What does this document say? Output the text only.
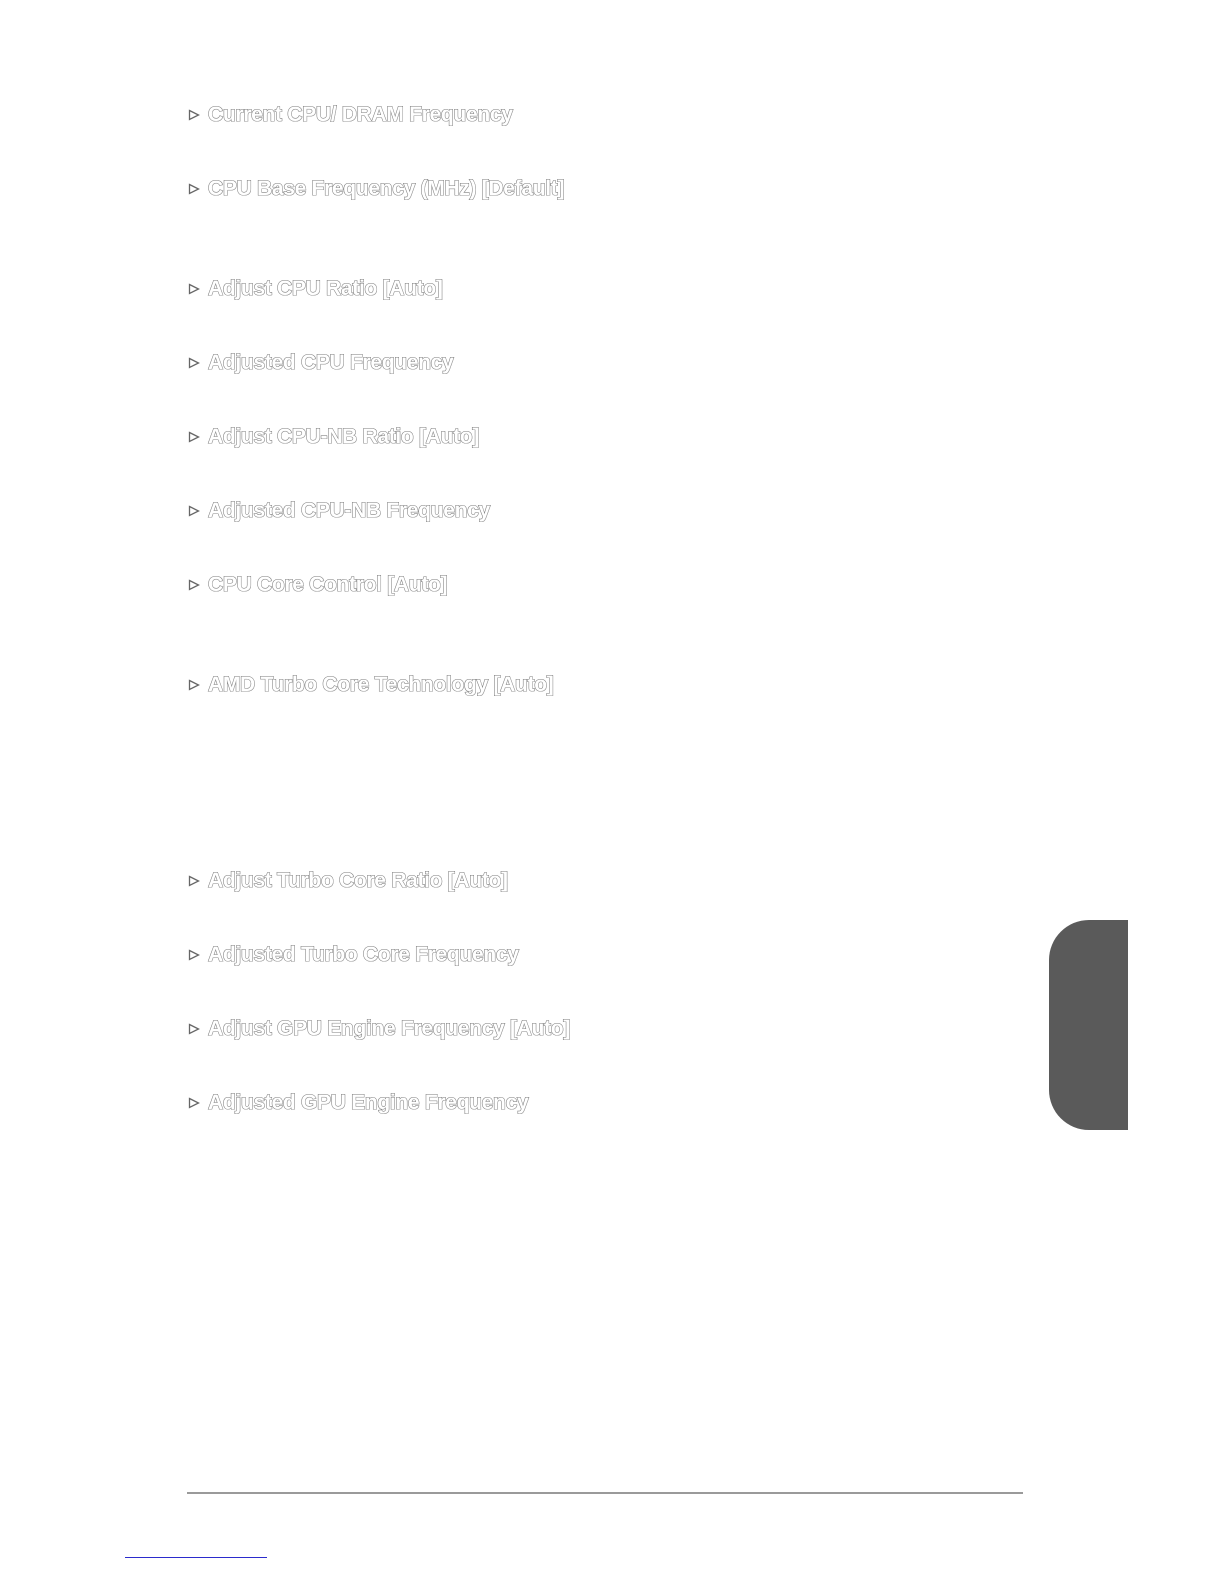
Current CPU/ DRAM Frequency
CPU Base Frequency (MHz) [Default]
Adjust CPU Ratio [Auto]
Adjusted CPU Frequency
Adjust CPU-NB Ratio [Auto]
Adjusted CPU-NB Frequency
CPU Core Control [Auto]
AMD Turbo Core Technology [Auto]
Adjust Turbo Core Ratio [Auto]
Adjusted Turbo Core Frequency
Adjust GPU Engine Frequency [Auto]
Adjusted GPU Engine Frequency
